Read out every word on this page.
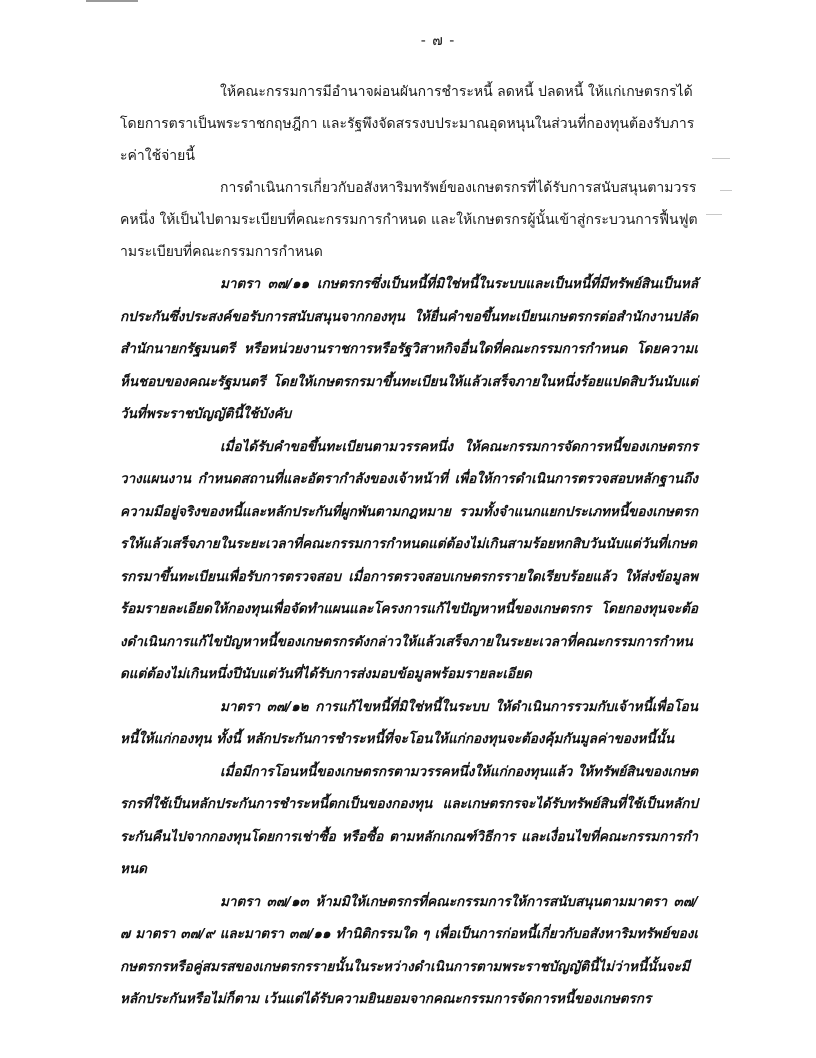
- ๗ -

ให้คณะกรรมการมีอำนาจผ่อนผันการชำระหนี้ ลดหนี้ ปลดหนี้ ให้แก่เกษตรกรได้ โดยการตราเป็นพระราชกฤษฎีกา และรัฐพึงจัดสรรงบประมาณอุดหนุนในส่วนที่กองทุนต้องรับภาระค่าใช้จ่ายนี้

การดำเนินการเกี่ยวกับอสังหาริมทรัพย์ของเกษตรกรที่ได้รับการสนับสนุนตามวรรคหนึ่ง ให้เป็นไปตามระเบียบที่คณะกรรมการกำหนด และให้เกษตรกรผู้นั้นเข้าสู่กระบวนการฟื้นฟูตามระเบียบที่คณะกรรมการกำหนด

มาตรา ๓๗/๑๑ เกษตรกรซึ่งเป็นหนี้ที่มิใช่หนี้ในระบบและเป็นหนี้ที่มีทรัพย์สินเป็นหลักประกันซึ่งประสงค์ขอรับการสนับสนุนจากกองทุน ให้ยื่นคำขอขึ้นทะเบียนเกษตรกรต่อสำนักงานปลัดสำนักนายกรัฐมนตรี หรือหน่วยงานราชการหรือรัฐวิสาหกิจอื่นใดที่คณะกรรมการกำหนด โดยความเห็นชอบของคณะรัฐมนตรี โดยให้เกษตรกรมาขึ้นทะเบียนให้แล้วเสร็จภายในหนึ่งร้อยแปดสิบวันนับแต่วันที่พระราชบัญญัตินี้ใช้บังคับ

เมื่อได้รับคำขอขึ้นทะเบียนตามวรรคหนึ่ง ให้คณะกรรมการจัดการหนี้ของเกษตรกรวางแผนงาน กำหนดสถานที่และอัตรากำลังของเจ้าหน้าที่ เพื่อให้การดำเนินการตรวจสอบหลักฐานถึงความมีอยู่จริงของหนี้และหลักประกันที่ผูกพันตามกฎหมาย รวมทั้งจำแนกแยกประเภทหนี้ของเกษตรกรให้แล้วเสร็จภายในระยะเวลาที่คณะกรรมการกำหนดแต่ต้องไม่เกินสามร้อยหกสิบวันนับแต่วันที่เกษตรกรมาขึ้นทะเบียนเพื่อรับการตรวจสอบ เมื่อการตรวจสอบเกษตรกรรายใดเรียบร้อยแล้ว ให้ส่งข้อมูลพร้อมรายละเอียดให้กองทุนเพื่อจัดทำแผนและโครงการแก้ไขปัญหาหนี้ของเกษตรกร โดยกองทุนจะต้องดำเนินการแก้ไขปัญหาหนี้ของเกษตรกรดังกล่าวให้แล้วเสร็จภายในระยะเวลาที่คณะกรรมการกำหนดแต่ต้องไม่เกินหนึ่งปีนับแต่วันที่ได้รับการส่งมอบข้อมูลพร้อมรายละเอียด

มาตรา ๓๗/๑๒ การแก้ไขหนี้ที่มิใช่หนี้ในระบบ ให้ดำเนินการรวมกับเจ้าหนี้เพื่อโอนหนี้ให้แก่กองทุน ทั้งนี้ หลักประกันการชำระหนี้ที่จะโอนให้แก่กองทุนจะต้องคุ้มกันมูลค่าของหนี้นั้น

เมื่อมีการโอนหนี้ของเกษตรกรตามวรรคหนึ่งให้แก่กองทุนแล้ว ให้ทรัพย์สินของเกษตรกรที่ใช้เป็นหลักประกันการชำระหนี้ตกเป็นของกองทุน และเกษตรกรจะได้รับทรัพย์สินที่ใช้เป็นหลักประกันคืนไปจากกองทุนโดยการเช่าซื้อ หรือซื้อ ตามหลักเกณฑ์วิธีการ และเงื่อนไขที่คณะกรรมการกำหนด

มาตรา ๓๗/๑๓ ห้ามมิให้เกษตรกรที่คณะกรรมการให้การสนับสนุนตามมาตรา ๓๗/๗ มาตรา ๓๗/๙ และมาตรา ๓๗/๑๑ ทำนิติกรรมใด ๆ เพื่อเป็นการก่อหนี้เกี่ยวกับอสังหาริมทรัพย์ของเกษตรกรหรือคู่สมรสของเกษตรกรรายนั้นในระหว่างดำเนินการตามพระราชบัญญัตินี้ไม่ว่าหนี้นั้นจะมีหลักประกันหรือไม่ก็ตาม เว้นแต่ได้รับความยินยอมจากคณะกรรมการจัดการหนี้ของเกษตรกร
